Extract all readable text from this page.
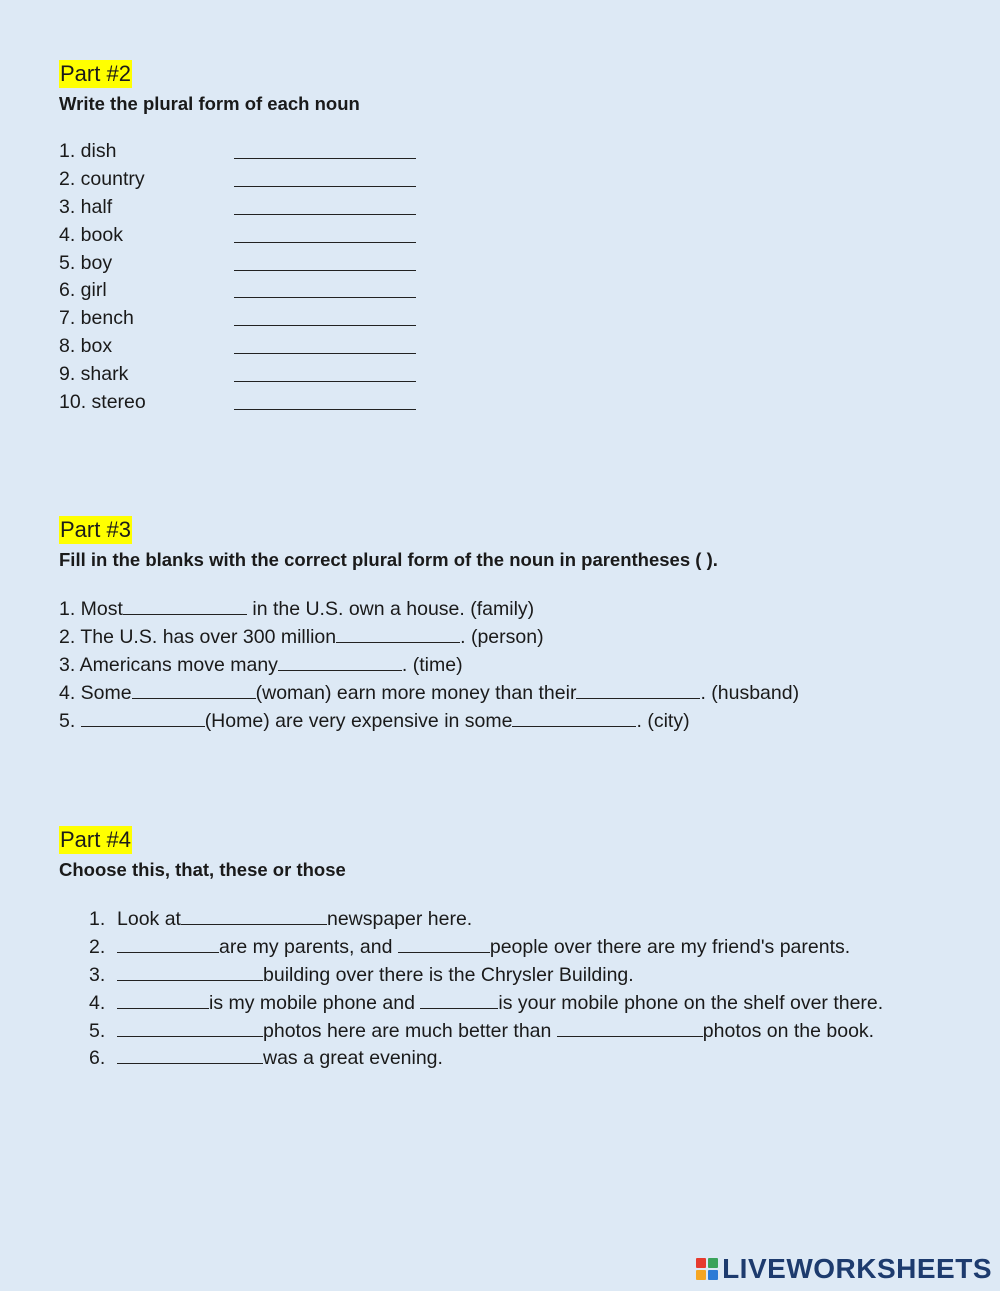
Part #2
Write the plural form of each noun
1. dish
2. country
3. half
4. book
5. boy
6. girl
7. bench
8. box
9. shark
10. stereo
Part #3
Fill in the blanks with the correct plural form of the noun in parentheses ( ).
1. Most	in the U.S. own a house. (family)
2. The U.S. has over 300 million	. (person)
3. Americans move many	. (time)
4. Some	(woman) earn more money than their	. (husband)
5.	(Home) are very expensive in some	. (city)
Part #4
Choose this, that, these or those
1. Look at	newspaper here.
2.	are my parents, and	people over there are my friend's parents.
3.	building over there is the Chrysler Building.
4.	is my mobile phone and	is your mobile phone on the shelf over there.
5.	photos here are much better than	photos on the book.
6.	was a great evening.
LIVEWORKSHEETS
